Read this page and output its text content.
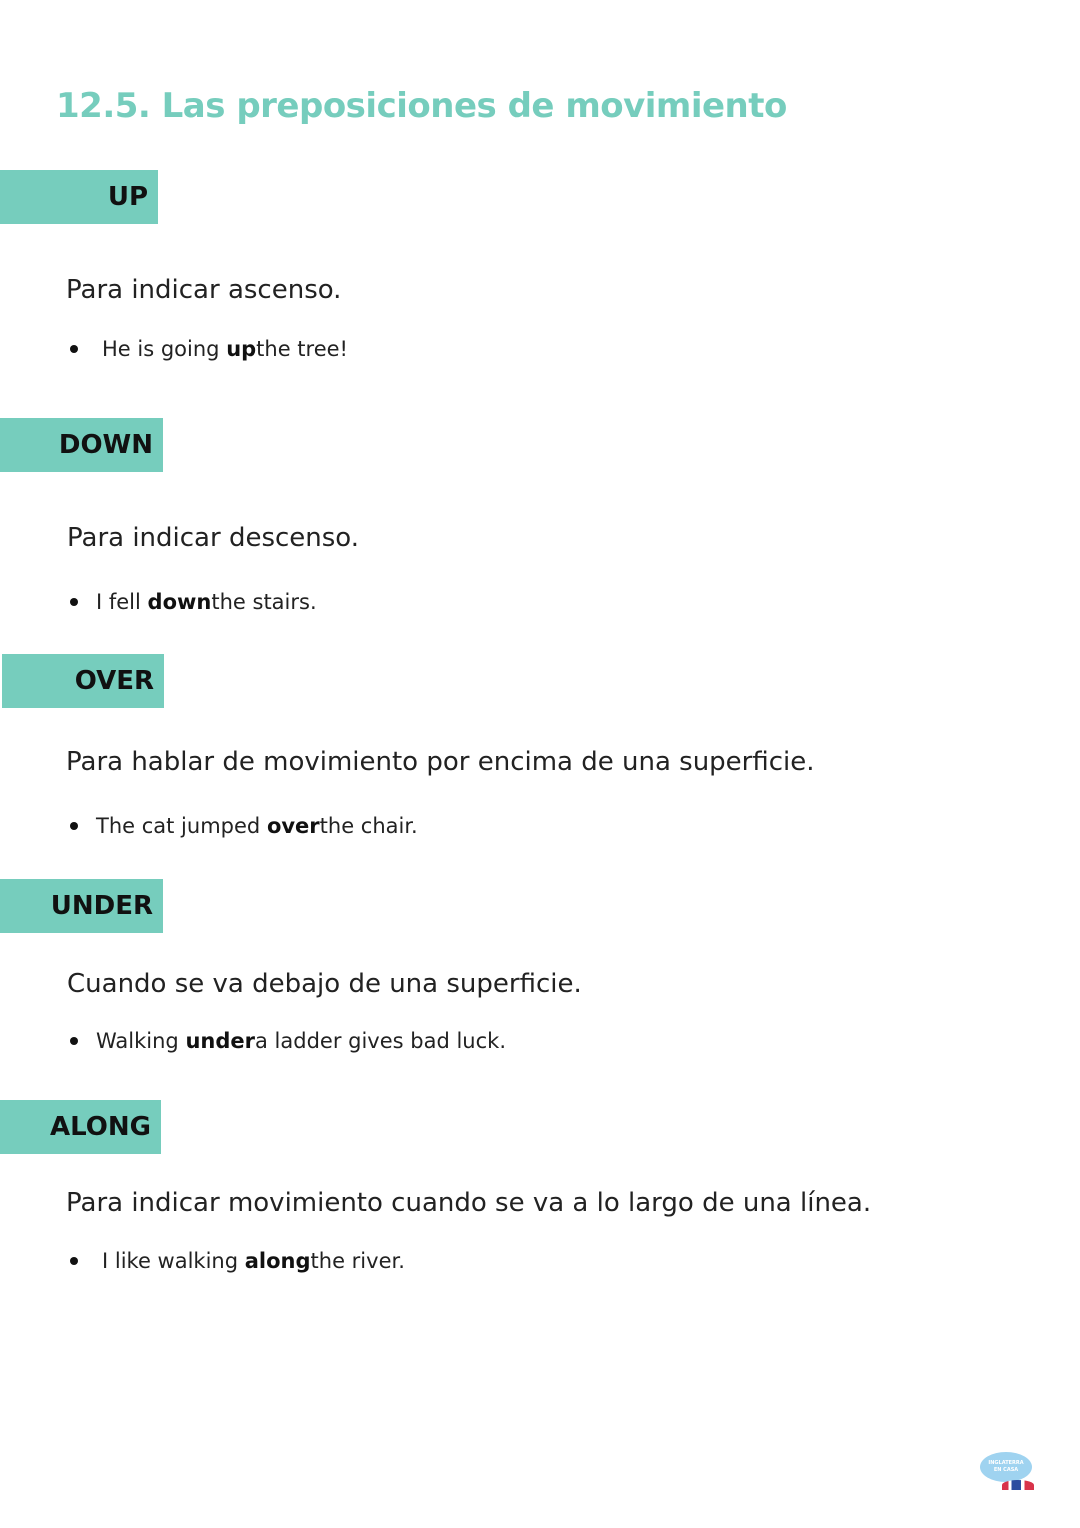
12.5. Las preposiciones de movimiento
UP
Para indicar ascenso.
He is going
up the tree!
DOWN
Para indicar descenso.
I fell
down the stairs.
OVER
Para hablar de movimiento por encima de una superficie.
The cat jumped
over the chair.
UNDER
Cuando se va debajo de una superficie.
Walking
under a ladder gives bad luck.
ALONG
Para indicar movimiento cuando se va a lo largo de una línea.
I like walking
along the river.
INGLATERRA
EN CASA
